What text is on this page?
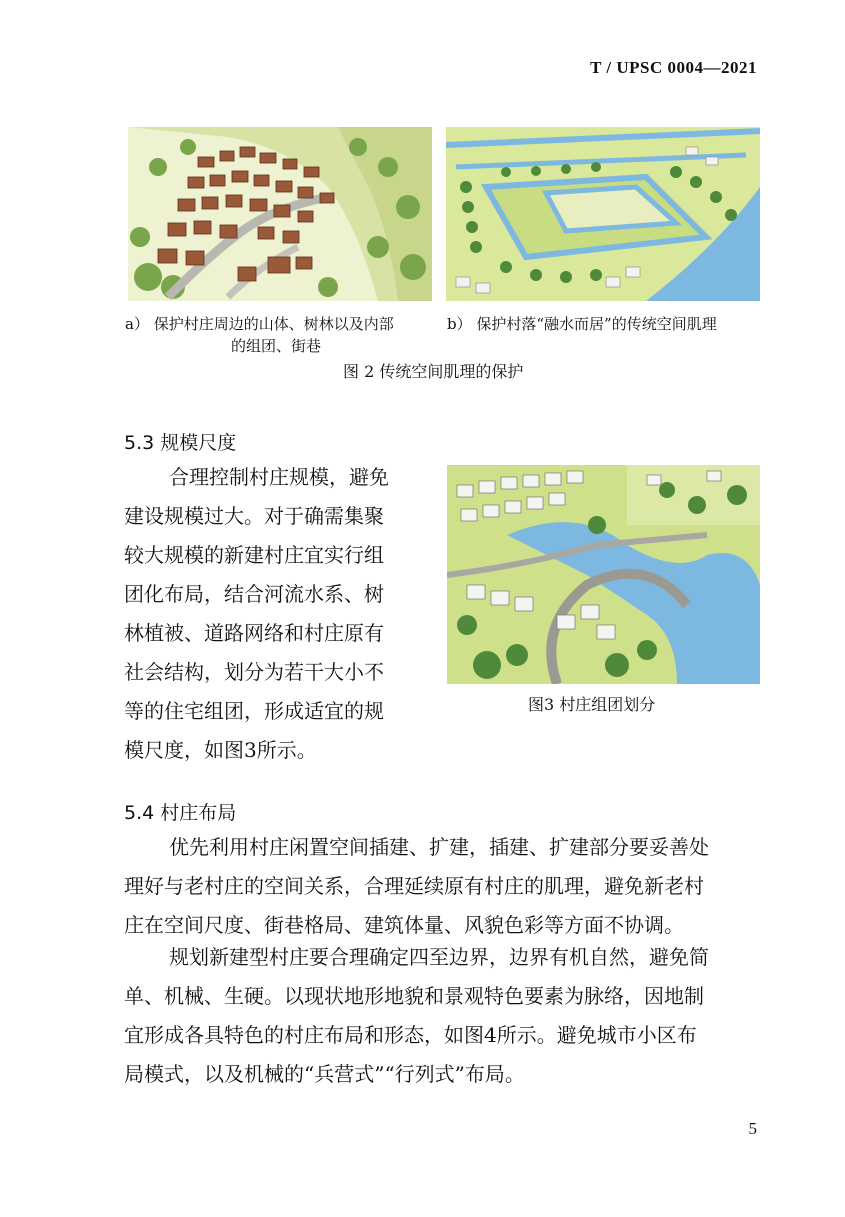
T / UPSC 0004—2021
a） 保护村庄周边的山体、树林以及内部
的组团、街巷
b） 保护村落“融水而居”的传统空间肌理
图 2 传统空间肌理的保护
5.3 规模尺度
合理控制村庄规模，避免
建设规模过大。对于确需集聚
较大规模的新建村庄宜实行组
团化布局，结合河流水系、树
林植被、道路网络和村庄原有
社会结构，划分为若干大小不
等的住宅组团，形成适宜的规
模尺度，如图3所示。
图3 村庄组团划分
5.4 村庄布局
优先利用村庄闲置空间插建、扩建，插建、扩建部分要妥善处
理好与老村庄的空间关系，合理延续原有村庄的肌理，避免新老村
庄在空间尺度、街巷格局、建筑体量、风貌色彩等方面不协调。
规划新建型村庄要合理确定四至边界，边界有机自然，避免简
单、机械、生硬。以现状地形地貌和景观特色要素为脉络，因地制
宜形成各具特色的村庄布局和形态，如图4所示。避免城市小区布
局模式，以及机械的“兵营式”“行列式”布局。
5
